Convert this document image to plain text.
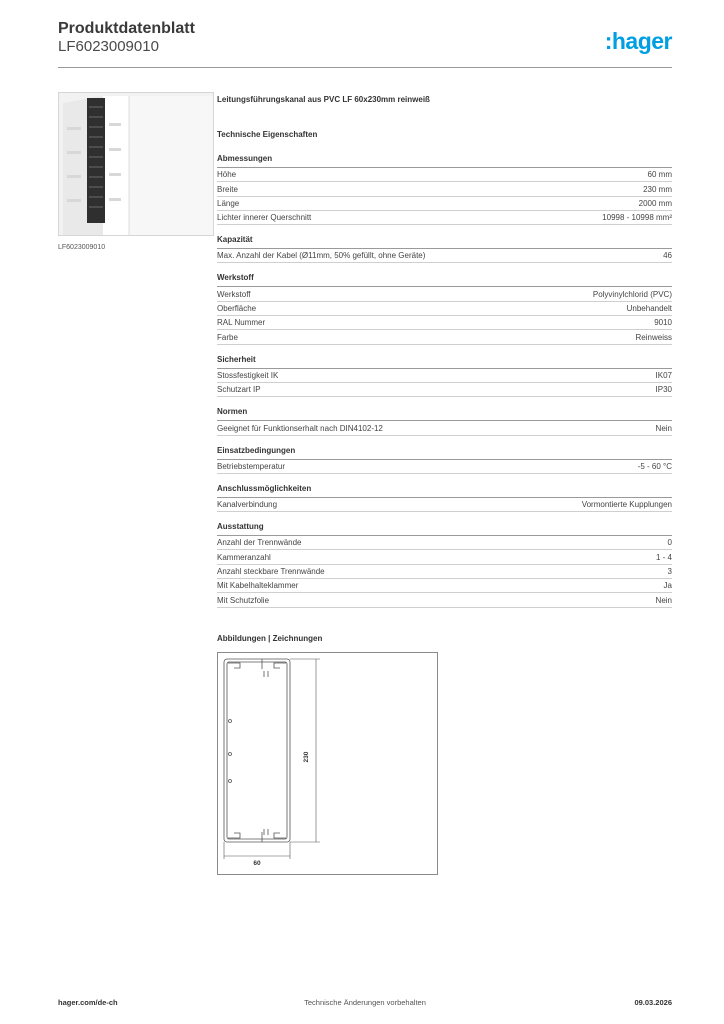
Produktdatenblatt
LF6023009010	:hager
LF6023009010
Leitungsführungskanal aus PVC LF 60x230mm reinweiß
Technische Eigenschaften
Abmessungen
Höhe	60 mm
Breite	230 mm
Länge	2000 mm
Lichter innerer Querschnitt	10998 - 10998 mm²
Kapazität
Max. Anzahl der Kabel (Ø11mm, 50% gefüllt, ohne Geräte)	46
Werkstoff
Werkstoff	Polyvinylchlorid (PVC)
Oberfläche	Unbehandelt
RAL Nummer	9010
Farbe	Reinweiss
Sicherheit
Stossfestigkeit IK	IK07
Schutzart IP	IP30
Normen
Geeignet für Funktionserhalt nach DIN4102-12	Nein
Einsatzbedingungen
Betriebstemperatur	-5 - 60 °C
Anschlussmöglichkeiten
Kanalverbindung	Vormontierte Kupplungen
Ausstattung
Anzahl der Trennwände	0
Kammeranzahl	1 - 4
Anzahl steckbare Trennwände	3
Mit Kabelhalteklammer	Ja
Mit Schutzfolie	Nein
Abbildungen | Zeichnungen
230
60
Technische Änderungen vorbehalten
hager.com/de-ch	09.03.2026
